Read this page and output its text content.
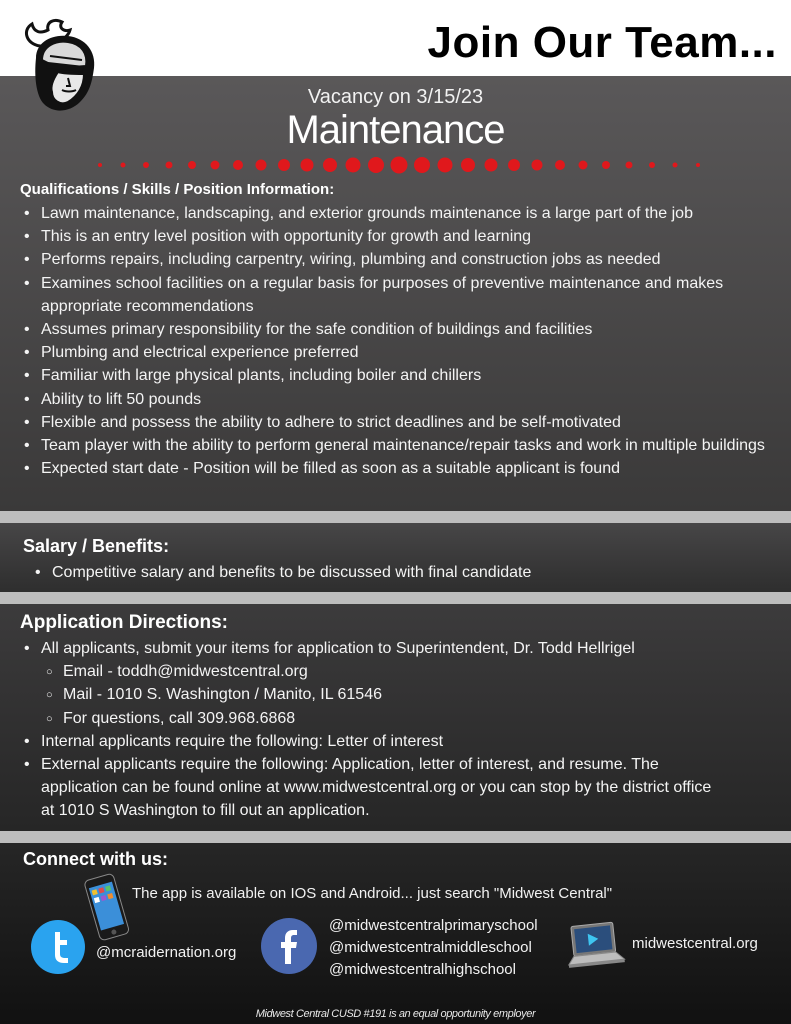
Join Our Team...
Vacancy on 3/15/23
Maintenance
Qualifications / Skills / Position Information:
• Lawn maintenance, landscaping, and exterior grounds maintenance is a large part of the job
• This is an entry level position with opportunity for growth and learning
• Performs repairs, including carpentry, wiring, plumbing and construction jobs as needed
• Examines school facilities on a regular basis for purposes of preventive maintenance and makes appropriate recommendations
• Assumes primary responsibility for the safe condition of buildings and facilities
• Plumbing and electrical experience preferred
• Familiar with large physical plants, including boiler and chillers
• Ability to lift 50 pounds
• Flexible and possess the ability to adhere to strict deadlines and be self-motivated
• Team player with the ability to perform general maintenance/repair tasks and work in multiple buildings
• Expected start date - Position will be filled as soon as a suitable applicant is found
Salary / Benefits:
• Competitive salary and benefits to be discussed with final candidate
Application Directions:
• All applicants, submit your items for application to Superintendent, Dr. Todd Hellrigel
○ Email - toddh@midwestcentral.org
○ Mail - 1010 S. Washington / Manito, IL 61546
○ For questions, call 309.968.6868
• Internal applicants require the following: Letter of interest
• External applicants require the following: Application, letter of interest, and resume. The application can be found online at www.midwestcentral.org or you can stop by the district office at 1010 S Washington to fill out an application.
Connect with us:
The app is available on IOS and Android... just search "Midwest Central"
@mcraidernation.org
@midwestcentralprimaryschool
@midwestcentralmiddleschool
@midwestcentralhighschool
midwestcentral.org
Midwest Central CUSD #191 is an equal opportunity employer
